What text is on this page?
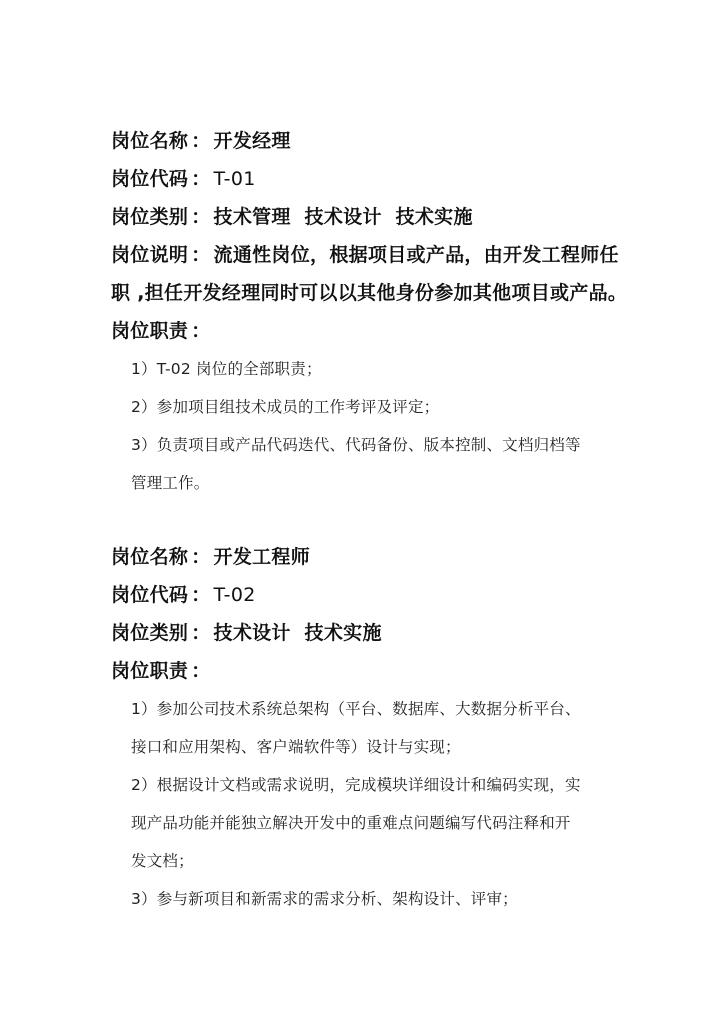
岗位名称 ： 开发经理
岗位代码 ： T-01
岗位类别 ： 技术管理  技术设计  技术实施
岗位说明 ： 流通性岗位，根据项目或产品，由开发工程师任
职 ,担任开发经理同时可以以其他身份参加其他项目或产品。
岗位职责 ：
1）T-02 岗位的全部职责；
2）参加项目组技术成员的工作考评及评定；
3）负责项目或产品代码迭代、代码备份、版本控制、文档归档等
管理工作。
岗位名称 ： 开发工程师
岗位代码 ： T-02
岗位类别 ： 技术设计  技术实施
岗位职责 ：
1）参加公司技术系统总架构（平台、数据库、大数据分析平台、
接口和应用架构、客户端软件等）设计与实现；
2）根据设计文档或需求说明，完成模块详细设计和编码实现，实
现产品功能并能独立解决开发中的重难点问题编写代码注释和开
发文档；
3）参与新项目和新需求的需求分析、架构设计、评审；
